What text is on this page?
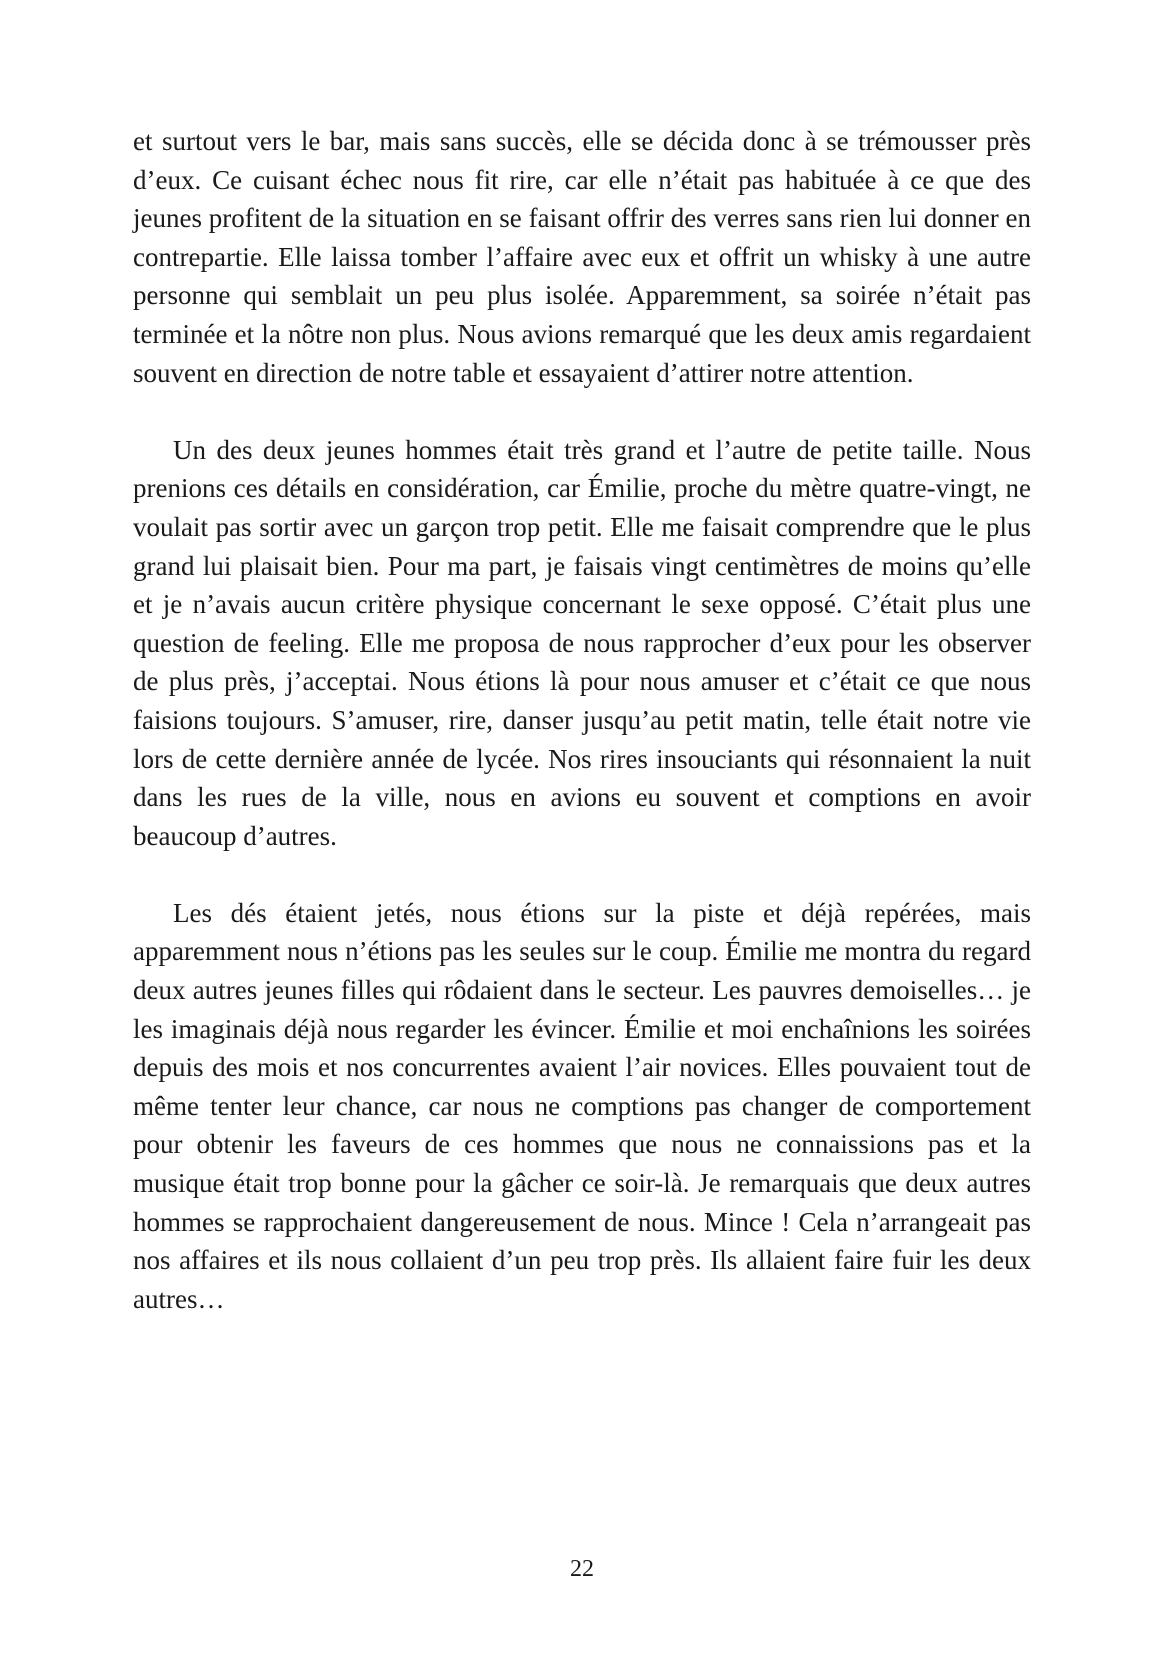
et surtout vers le bar, mais sans succès, elle se décida donc à se trémousser près d’eux. Ce cuisant échec nous fit rire, car elle n’était pas habituée à ce que des jeunes profitent de la situation en se faisant offrir des verres sans rien lui donner en contrepartie. Elle laissa tomber l’affaire avec eux et offrit un whisky à une autre personne qui semblait un peu plus isolée. Apparemment, sa soirée n’était pas terminée et la nôtre non plus. Nous avions remarqué que les deux amis regardaient souvent en direction de notre table et essayaient d’attirer notre attention.

Un des deux jeunes hommes était très grand et l’autre de petite taille. Nous prenions ces détails en considération, car Émilie, proche du mètre quatre-vingt, ne voulait pas sortir avec un garçon trop petit. Elle me faisait comprendre que le plus grand lui plaisait bien. Pour ma part, je faisais vingt centimètres de moins qu’elle et je n’avais aucun critère physique concernant le sexe opposé. C’était plus une question de feeling. Elle me proposa de nous rapprocher d’eux pour les observer de plus près, j’acceptai. Nous étions là pour nous amuser et c’était ce que nous faisions toujours. S’amuser, rire, danser jusqu’au petit matin, telle était notre vie lors de cette dernière année de lycée. Nos rires insouciants qui résonnaient la nuit dans les rues de la ville, nous en avions eu souvent et comptions en avoir beaucoup d’autres.

Les dés étaient jetés, nous étions sur la piste et déjà repérées, mais apparemment nous n’étions pas les seules sur le coup. Émilie me montra du regard deux autres jeunes filles qui rôdaient dans le secteur. Les pauvres demoiselles… je les imaginais déjà nous regarder les évincer. Émilie et moi enchaînions les soirées depuis des mois et nos concurrentes avaient l’air novices. Elles pouvaient tout de même tenter leur chance, car nous ne comptions pas changer de comportement pour obtenir les faveurs de ces hommes que nous ne connaissions pas et la musique était trop bonne pour la gâcher ce soir-là. Je remarquais que deux autres hommes se rapprochaient dangereusement de nous. Mince ! Cela n’arrangeait pas nos affaires et ils nous collaient d’un peu trop près. Ils allaient faire fuir les deux autres…

22
